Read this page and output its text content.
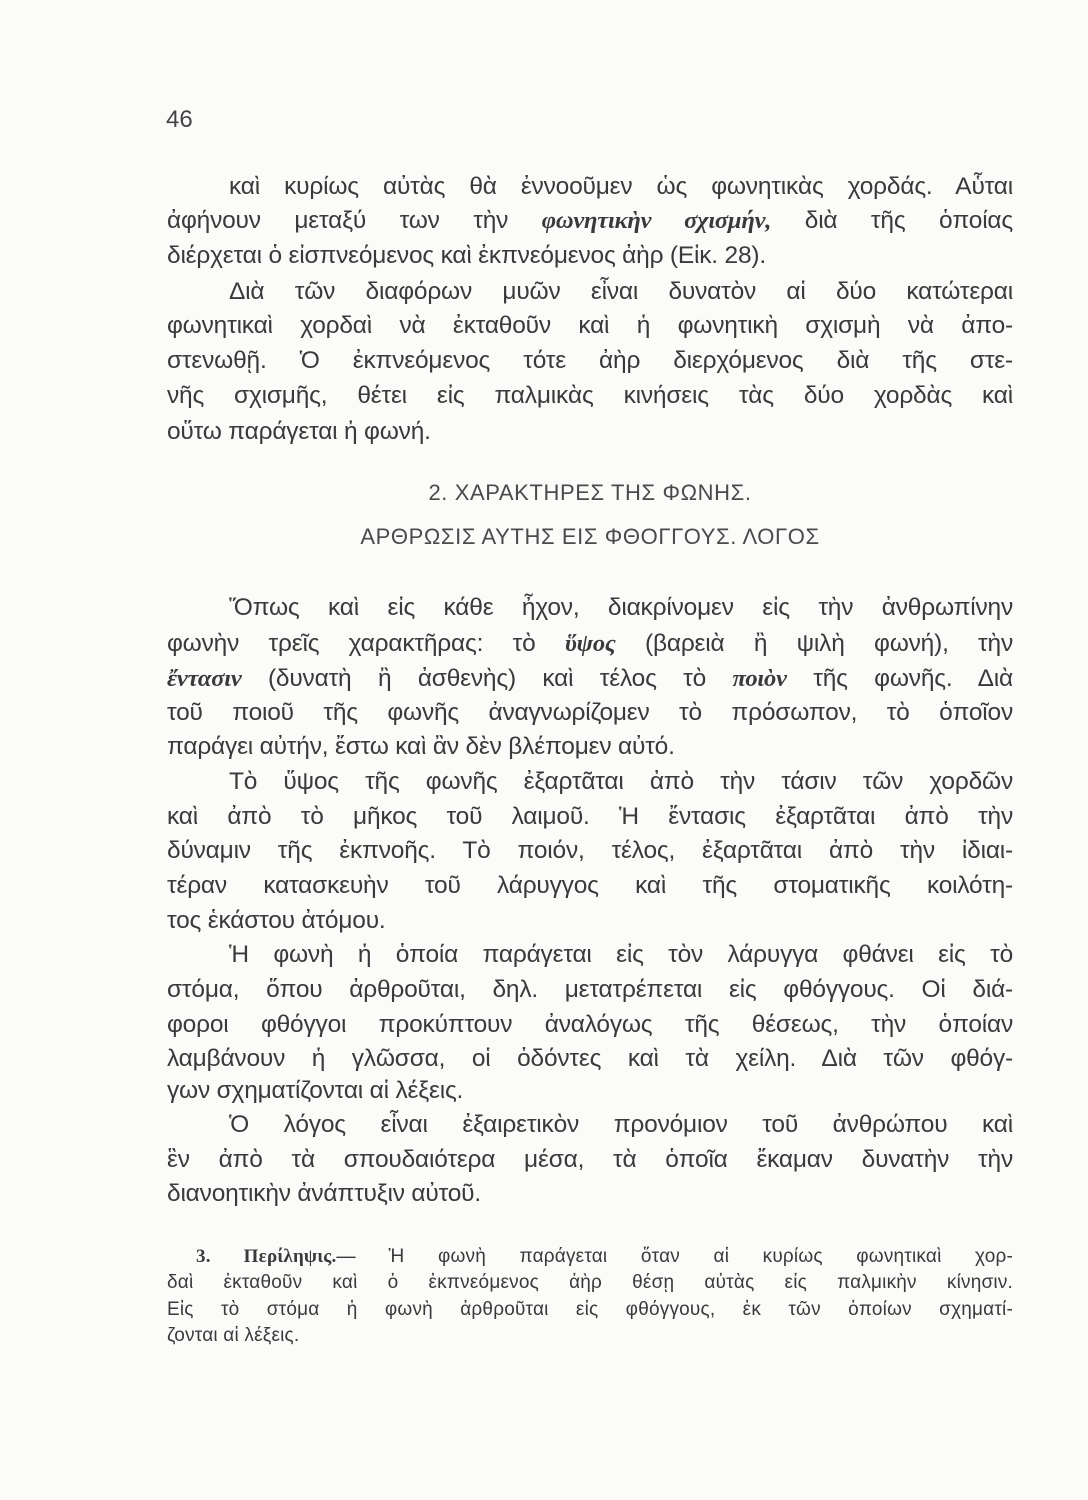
46
καὶ κυρίως αὐτὰς θὰ ἐννοοῦμεν ὡς φωνητικὰς χορδάς. Αὗται
ἀφήνουν μεταξύ των τὴν φωνητικὴν σχισμήν, διὰ τῆς ὁποίας
διέρχεται ὁ εἰσπνεόμενος καὶ ἐκπνεόμενος ἀὴρ (Εἰκ. 28).
Διὰ τῶν διαφόρων μυῶν εἶναι δυνατὸν αἱ δύο κατώτεραι
φωνητικαὶ χορδαὶ νὰ ἐκταθοῦν καὶ ἡ φωνητικὴ σχισμὴ νὰ ἀπο-
στενωθῇ. Ὁ ἐκπνεόμενος τότε ἀὴρ διερχόμενος διὰ τῆς στε-
νῆς σχισμῆς, θέτει εἰς παλμικὰς κινήσεις τὰς δύο χορδὰς καὶ
οὕτω παράγεται ἡ φωνή.
2. ΧΑΡΑΚΤΗΡΕΣ ΤΗΣ ΦΩΝΗΣ.
ΑΡΘΡΩΣΙΣ ΑΥΤΗΣ ΕΙΣ ΦΘΟΓΓΟΥΣ. ΛΟΓΟΣ
Ὅπως καὶ εἰς κάθε ἦχον, διακρίνομεν εἰς τὴν ἀνθρωπίνην
φωνὴν τρεῖς χαρακτῆρας: τὸ ὕψος (βαρειὰ ἢ ψιλὴ φωνή), τὴν
ἔντασιν (δυνατὴ ἢ ἀσθενὴς) καὶ τέλος τὸ ποιὸν τῆς φωνῆς. Διὰ
τοῦ ποιοῦ τῆς φωνῆς ἀναγνωρίζομεν τὸ πρόσωπον, τὸ ὁποῖον
παράγει αὐτήν, ἔστω καὶ ἂν δὲν βλέπομεν αὐτό.
Τὸ ὕψος τῆς φωνῆς ἐξαρτᾶται ἀπὸ τὴν τάσιν τῶν χορδῶν
καὶ ἀπὸ τὸ μῆκος τοῦ λαιμοῦ. Ἡ ἔντασις ἐξαρτᾶται ἀπὸ τὴν
δύναμιν τῆς ἐκπνοῆς. Τὸ ποιόν, τέλος, ἐξαρτᾶται ἀπὸ τὴν ἰδιαι-
τέραν κατασκευὴν τοῦ λάρυγγος καὶ τῆς στοματικῆς κοιλότη-
τος ἑκάστου ἀτόμου.
Ἡ φωνὴ ἡ ὁποία παράγεται εἰς τὸν λάρυγγα φθάνει εἰς τὸ
στόμα, ὅπου ἀρθροῦται, δηλ. μετατρέπεται εἰς φθόγγους. Οἱ διά-
φοροι φθόγγοι προκύπτουν ἀναλόγως τῆς θέσεως, τὴν ὁποίαν
λαμβάνουν ἡ γλῶσσα, οἱ ὀδόντες καὶ τὰ χείλη. Διὰ τῶν φθόγ-
γων σχηματίζονται αἱ λέξεις.
Ὁ λόγος εἶναι ἐξαιρετικὸν προνόμιον τοῦ ἀνθρώπου καὶ
ἓν ἀπὸ τὰ σπουδαιότερα μέσα, τὰ ὁποῖα ἔκαμαν δυνατὴν τὴν
διανοητικὴν ἀνάπτυξιν αὐτοῦ.
3. Περίληψις.— Ἡ φωνὴ παράγεται ὅταν αἱ κυρίως φωνητικαὶ χορ-
δαὶ ἐκταθοῦν καὶ ὁ ἐκπνεόμενος ἀὴρ θέσῃ αὐτὰς εἰς παλμικὴν κίνησιν.
Εἰς τὸ στόμα ἡ φωνὴ ἀρθροῦται εἰς φθόγγους, ἐκ τῶν ὁποίων σχηματί-
ζονται αἱ λέξεις.
